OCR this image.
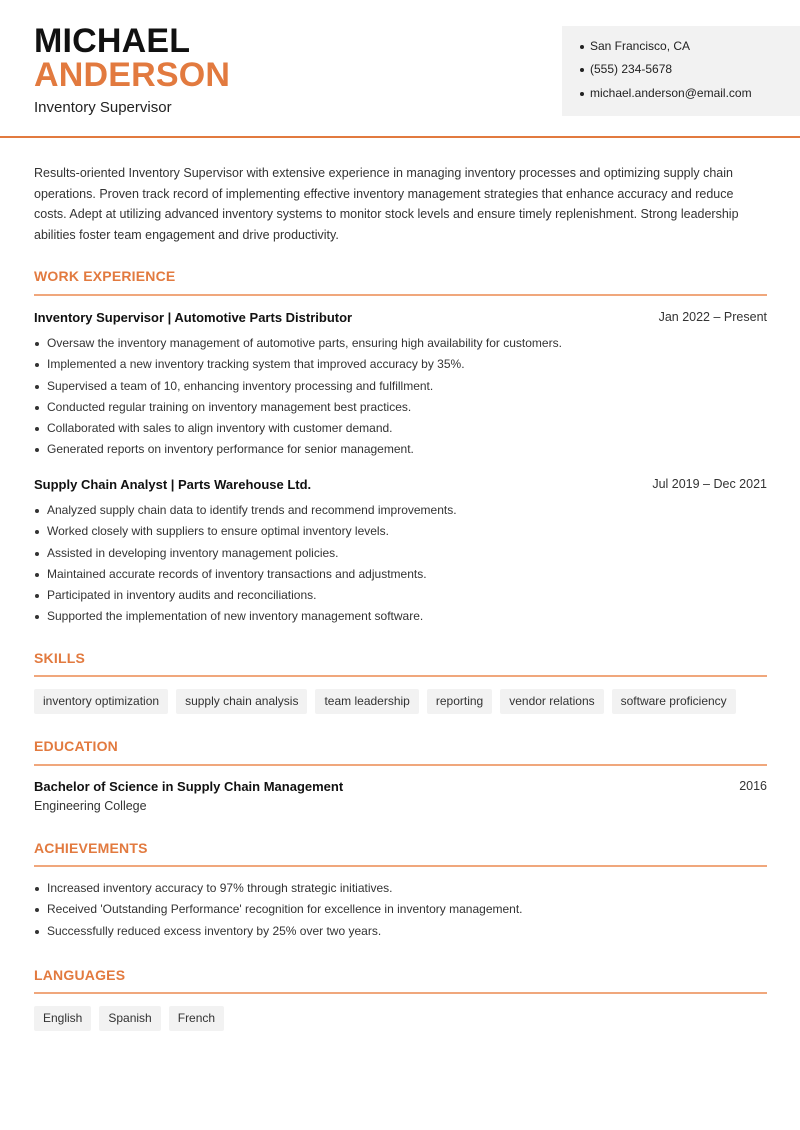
MICHAEL
ANDERSON
Inventory Supervisor
San Francisco, CA
(555) 234-5678
michael.anderson@email.com

Results-oriented Inventory Supervisor with extensive experience in managing inventory processes and optimizing supply chain operations. Proven track record of implementing effective inventory management strategies that enhance accuracy and reduce costs. Adept at utilizing advanced inventory systems to monitor stock levels and ensure timely replenishment. Strong leadership abilities foster team engagement and drive productivity.

WORK EXPERIENCE
Inventory Supervisor | Automotive Parts Distributor	Jan 2022 – Present
Oversaw the inventory management of automotive parts, ensuring high availability for customers.
Implemented a new inventory tracking system that improved accuracy by 35%.
Supervised a team of 10, enhancing inventory processing and fulfillment.
Conducted regular training on inventory management best practices.
Collaborated with sales to align inventory with customer demand.
Generated reports on inventory performance for senior management.
Supply Chain Analyst | Parts Warehouse Ltd.	Jul 2019 – Dec 2021
Analyzed supply chain data to identify trends and recommend improvements.
Worked closely with suppliers to ensure optimal inventory levels.
Assisted in developing inventory management policies.
Maintained accurate records of inventory transactions and adjustments.
Participated in inventory audits and reconciliations.
Supported the implementation of new inventory management software.
SKILLS
inventory optimization	supply chain analysis	team leadership	reporting	vendor relations	software proficiency
EDUCATION
Bachelor of Science in Supply Chain Management	2016
Engineering College
ACHIEVEMENTS
Increased inventory accuracy to 97% through strategic initiatives.
Received 'Outstanding Performance' recognition for excellence in inventory management.
Successfully reduced excess inventory by 25% over two years.
LANGUAGES
English	Spanish	French
